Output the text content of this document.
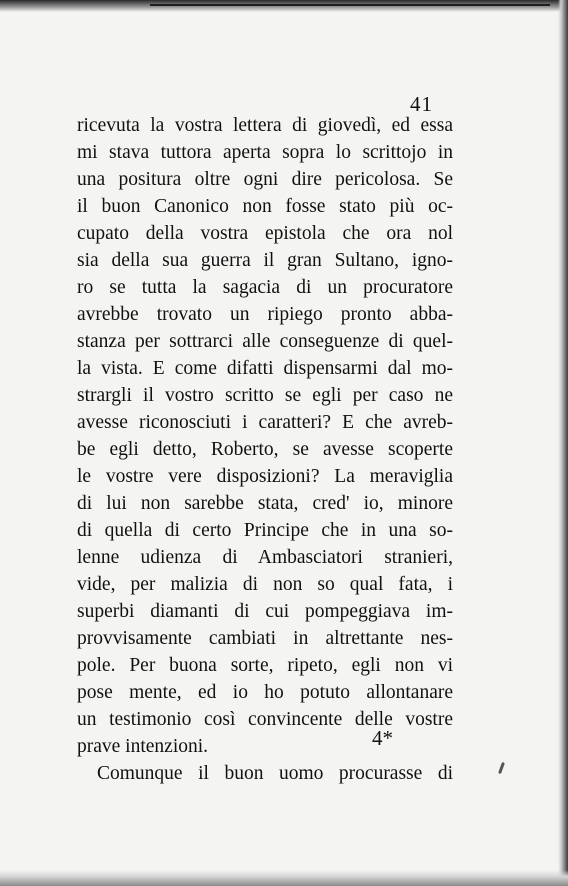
41
ricevuta la vostra lettera di giovedì, ed essa
mi stava tuttora aperta sopra lo scrittojo in
una positura oltre ogni dire pericolosa. Se
il buon Canonico non fosse stato più oc-
cupato della vostra epistola che ora nol
sia della sua guerra il gran Sultano, igno-
ro se tutta la sagacia di un procuratore
avrebbe trovato un ripiego pronto abba-
stanza per sottrarci alle conseguenze di quel-
la vista. E come difatti dispensarmi dal mo-
strargli il vostro scritto se egli per caso ne
avesse riconosciuti i caratteri? E che avreb-
be egli detto, Roberto, se avesse scoperte
le vostre vere disposizioni? La meraviglia
di lui non sarebbe stata, cred' io, minore
di quella di certo Principe che in una so-
lenne udienza di Ambasciatori stranieri,
vide, per malizia di non so qual fata, i
superbi diamanti di cui pompeggiava im-
provvisamente cambiati in altrettante nes-
pole. Per buona sorte, ripeto, egli non vi
pose mente, ed io ho potuto allontanare
un testimonio così convincente delle vostre
prave intenzioni.
Comunque il buon uomo procurasse di
4*
